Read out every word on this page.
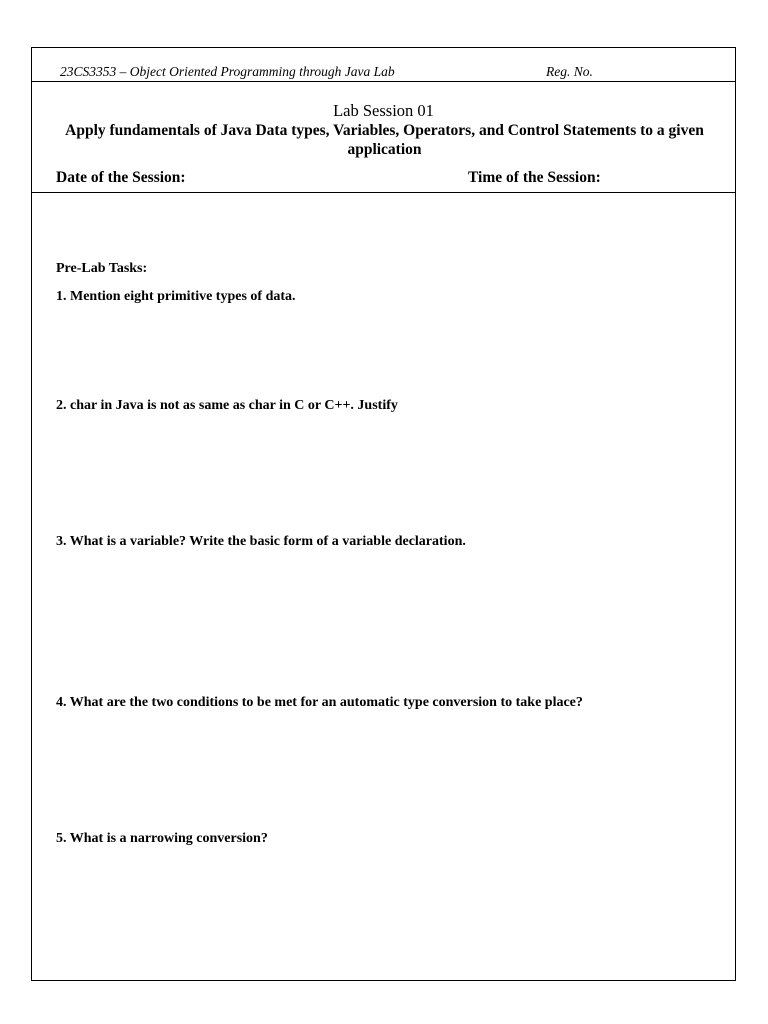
23CS3353 – Object Oriented Programming through Java Lab	Reg. No.
Lab Session 01
Apply fundamentals of Java Data types, Variables, Operators, and Control Statements to a given application
Date of the Session:	Time of the Session:
Pre-Lab Tasks:
1. Mention eight primitive types of data.
2. char in Java is not as same as char in C or C++. Justify
3. What is a variable? Write the basic form of a variable declaration.
4. What are the two conditions to be met for an automatic type conversion to take place?
5. What is a narrowing conversion?
